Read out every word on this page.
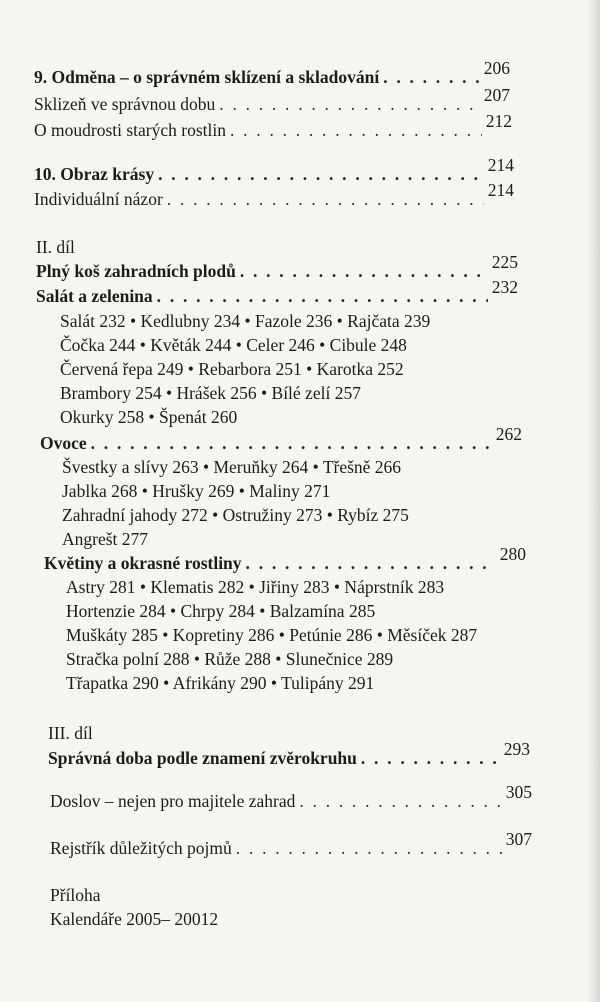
9. Odměna – o správném sklízení a skladování . . .	206
Sklizeň ve správnou dobu . . .	207
O moudrosti starých rostlin . . .	212
10. Obraz krásy . . .	214
Individuální názor . . .	214
II. díl
Plný koš zahradních plodů . . .	225
Salát a zelenina . . .	232
Salát 232 • Kedlubny 234 • Fazole 236 • Rajčata 239
Čočka 244 • Květák 244 • Celer 246 • Cibule 248
Červená řepa 249 • Rebarbora 251 • Karotka 252
Brambory 254 • Hrášek 256 • Bílé zelí 257
Okurky 258 • Špenát 260
Ovoce . . .	262
Švestky a slívy 263 • Meruňky 264 • Třešně 266
Jablka 268 • Hrušky 269 • Maliny 271
Zahradní jahody 272 • Ostružiny 273 • Rybíz 275
Angrešt 277
Květiny a okrasné rostliny . . .	280
Astry 281 • Klematis 282 • Jiřiny 283 • Náprstník 283
Hortenzie 284 • Chrpy 284 • Balzamína 285
Muškáty 285 • Kopretiny 286 • Petúnie 286 • Měsíček 287
Stračka polní 288 • Růže 288 • Slunečnice 289
Třapatka 290 • Afrikány 290 • Tulipány 291
III. díl
Správná doba podle znamení zvěrokruhu . . .	293
Doslov – nejen pro majitele zahrad . . .	305
Rejstřík důležitých pojmů . . .	307
Příloha
Kalendáře 2005– 20012
